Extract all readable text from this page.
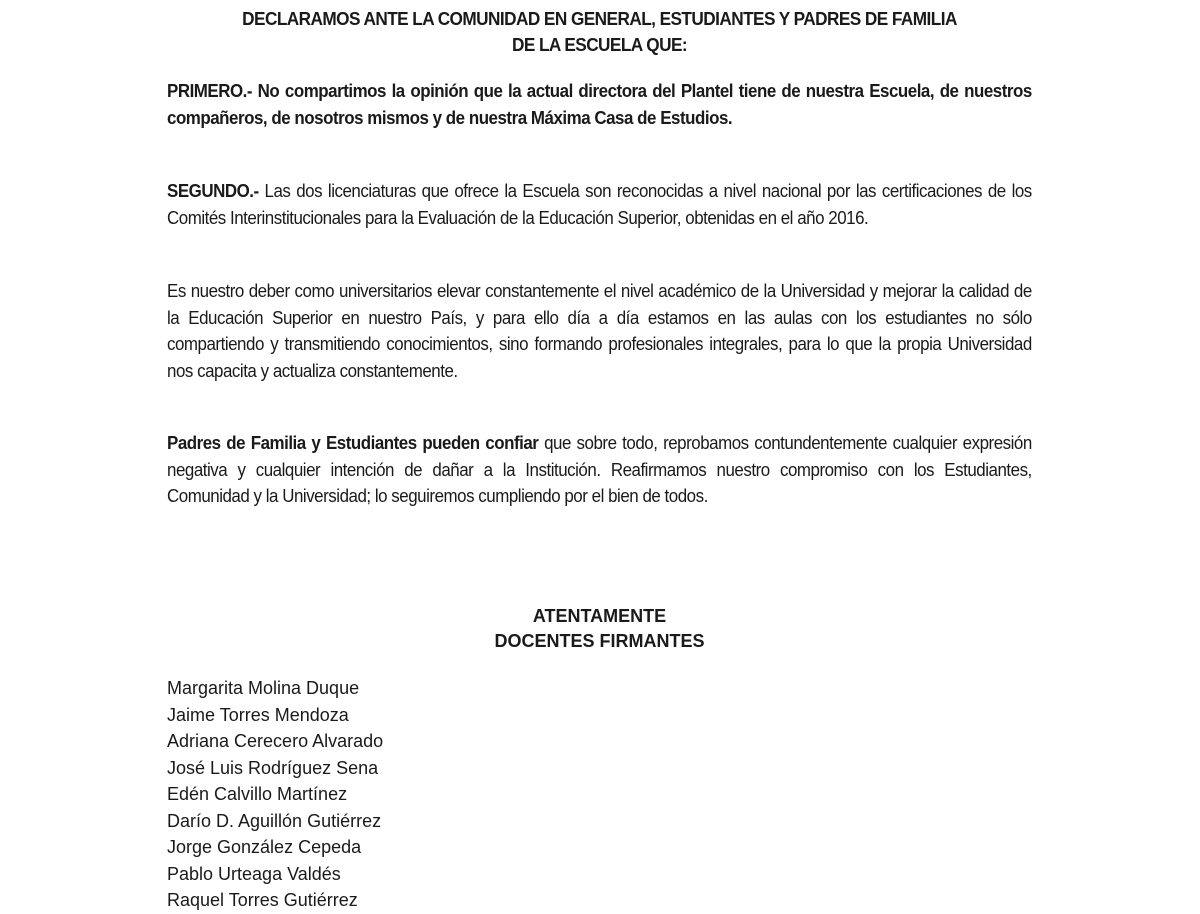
DECLARAMOS ANTE LA COMUNIDAD EN GENERAL, ESTUDIANTES Y PADRES DE FAMILIA
DE LA ESCUELA QUE:
PRIMERO.- No compartimos la opinión que la actual directora del Plantel tiene de nuestra Escuela, de nuestros compañeros, de nosotros mismos y de nuestra Máxima Casa de Estudios.
SEGUNDO.- Las dos licenciaturas que ofrece la Escuela son reconocidas a nivel nacional por las certificaciones de los Comités Interinstitucionales para la Evaluación de la Educación Superior, obtenidas en el año 2016.
Es nuestro deber como universitarios elevar constantemente el nivel académico de la Universidad y mejorar la calidad de la Educación Superior en nuestro País, y para ello día a día estamos en las aulas con los estudiantes no sólo compartiendo y transmitiendo conocimientos, sino formando profesionales integrales, para lo que la propia Universidad nos capacita y actualiza constantemente.
Padres de Familia y Estudiantes pueden confiar que sobre todo, reprobamos contundentemente cualquier expresión negativa y cualquier intención de dañar a la Institución. Reafirmamos nuestro compromiso con los Estudiantes, Comunidad y la Universidad; lo seguiremos cumpliendo por el bien de todos.
ATENTAMENTE
DOCENTES FIRMANTES
Margarita Molina Duque
Jaime Torres Mendoza
Adriana Cerecero Alvarado
José Luis Rodríguez Sena
Edén Calvillo Martínez
Darío D. Aguillón Gutiérrez
Jorge González Cepeda
Pablo Urteaga Valdés
Raquel Torres Gutiérrez
